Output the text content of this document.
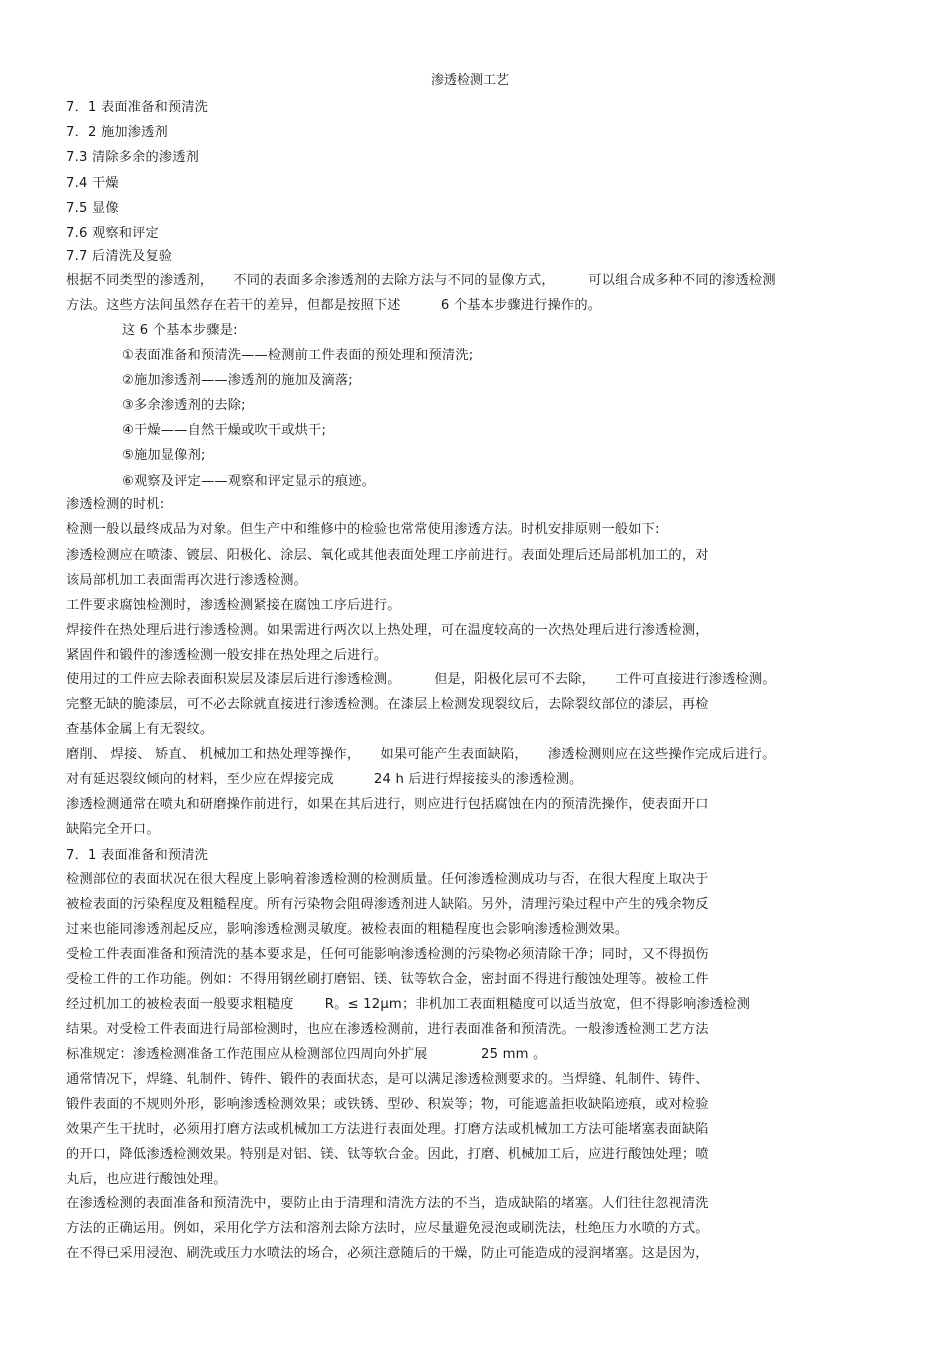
渗透检测工艺
7．1 表面准备和预清洗
7．2 施加渗透剂
7.3 清除多余的渗透剂
7.4 干燥
7.5 显像
7.6 观察和评定
7.7 后清洗及复验
根据不同类型的渗透剂，　　不同的表面多余渗透剂的去除方法与不同的显像方式，　　　可以组合成多种不同的渗透检测
方法。这些方法间虽然存在若干的差异，但都是按照下述　　　6 个基本步骤进行操作的。
这 6 个基本步骤是:
①表面准备和预清洗——检测前工件表面的预处理和预清洗;
②施加渗透剂——渗透剂的施加及滴落;
③多余渗透剂的去除;
④干燥——自然干燥或吹干或烘干;
⑤施加显像剂;
⑥观察及评定——观察和评定显示的痕迹。
渗透检测的时机:
检测一般以最终成品为对象。但生产中和维修中的检验也常常使用渗透方法。时机安排原则一般如下:
渗透检测应在喷漆、镀层、阳极化、涂层、氧化或其他表面处理工序前进行。表面处理后还局部机加工的，对
该局部机加工表面需再次进行渗透检测。
工件要求腐蚀检测时，渗透检测紧接在腐蚀工序后进行。
焊接件在热处理后进行渗透检测。如果需进行两次以上热处理，可在温度较高的一次热处理后进行渗透检测，
紧固件和锻件的渗透检测一般安排在热处理之后进行。
使用过的工件应去除表面积炭层及漆层后进行渗透检测。　　　但是，阳极化层可不去除，　　工件可直接进行渗透检测。
完整无缺的脆漆层，可不必去除就直接进行渗透检测。在漆层上检测发现裂纹后，去除裂纹部位的漆层，再检
查基体金属上有无裂纹。
磨削、 焊接、 矫直、 机械加工和热处理等操作，　　如果可能产生表面缺陷，　　渗透检测则应在这些操作完成后进行。
对有延迟裂纹倾向的材料，至少应在焊接完成　　　24 h 后进行焊接接头的渗透检测。
渗透检测通常在喷丸和研磨操作前进行，如果在其后进行，则应进行包括腐蚀在内的预清洗操作，使表面开口
缺陷完全开口。
7．1 表面准备和预清洗
检测部位的表面状况在很大程度上影响着渗透检测的检测质量。任何渗透检测成功与否，在很大程度上取决于
被检表面的污染程度及粗糙程度。所有污染物会阻碍渗透剂进人缺陷。另外，清理污染过程中产生的残余物反
过来也能同渗透剂起反应，影响渗透检测灵敏度。被检表面的粗糙程度也会影响渗透检测效果。
受检工件表面准备和预清洗的基本要求是，任何可能影响渗透检测的污染物必须清除干净；同时，又不得损伤
受检工件的工作功能。例如：不得用钢丝刷打磨铝、镁、钛等软合金，密封面不得进行酸蚀处理等。被检工件
经过机加工的被检表面一般要求粗糙度　　 R。≤ 12μm；非机加工表面粗糙度可以适当放宽，但不得影响渗透检测
结果。对受检工件表面进行局部检测时，也应在渗透检测前，进行表面准备和预清洗。一般渗透检测工艺方法
标准规定：渗透检测准备工作范围应从检测部位四周向外扩展　　　　25 mm 。
通常情况下，焊缝、轧制件、铸件、锻件的表面状态，是可以满足渗透检测要求的。当焊缝、轧制件、铸件、
锻件表面的不规则外形，影响渗透检测效果；或铁锈、型砂、积炭等；物，可能遮盖拒收缺陷迹痕，或对检验
效果产生干扰时，必须用打磨方法或机械加工方法进行表面处理。打磨方法或机械加工方法可能堵塞表面缺陷
的开口，降低渗透检测效果。特别是对铝、镁、钛等软合金。因此，打磨、机械加工后，应进行酸蚀处理；喷
丸后，也应进行酸蚀处理。
在渗透检测的表面准备和预清洗中，要防止由于清理和清洗方法的不当，造成缺陷的堵塞。人们往往忽视清洗
方法的正确运用。例如，采用化学方法和溶剂去除方法时，应尽量避免浸泡或刷洗法，杜绝压力水喷的方式。
在不得已采用浸泡、刷洗或压力水喷法的场合，必须注意随后的干燥，防止可能造成的浸润堵塞。这是因为，
